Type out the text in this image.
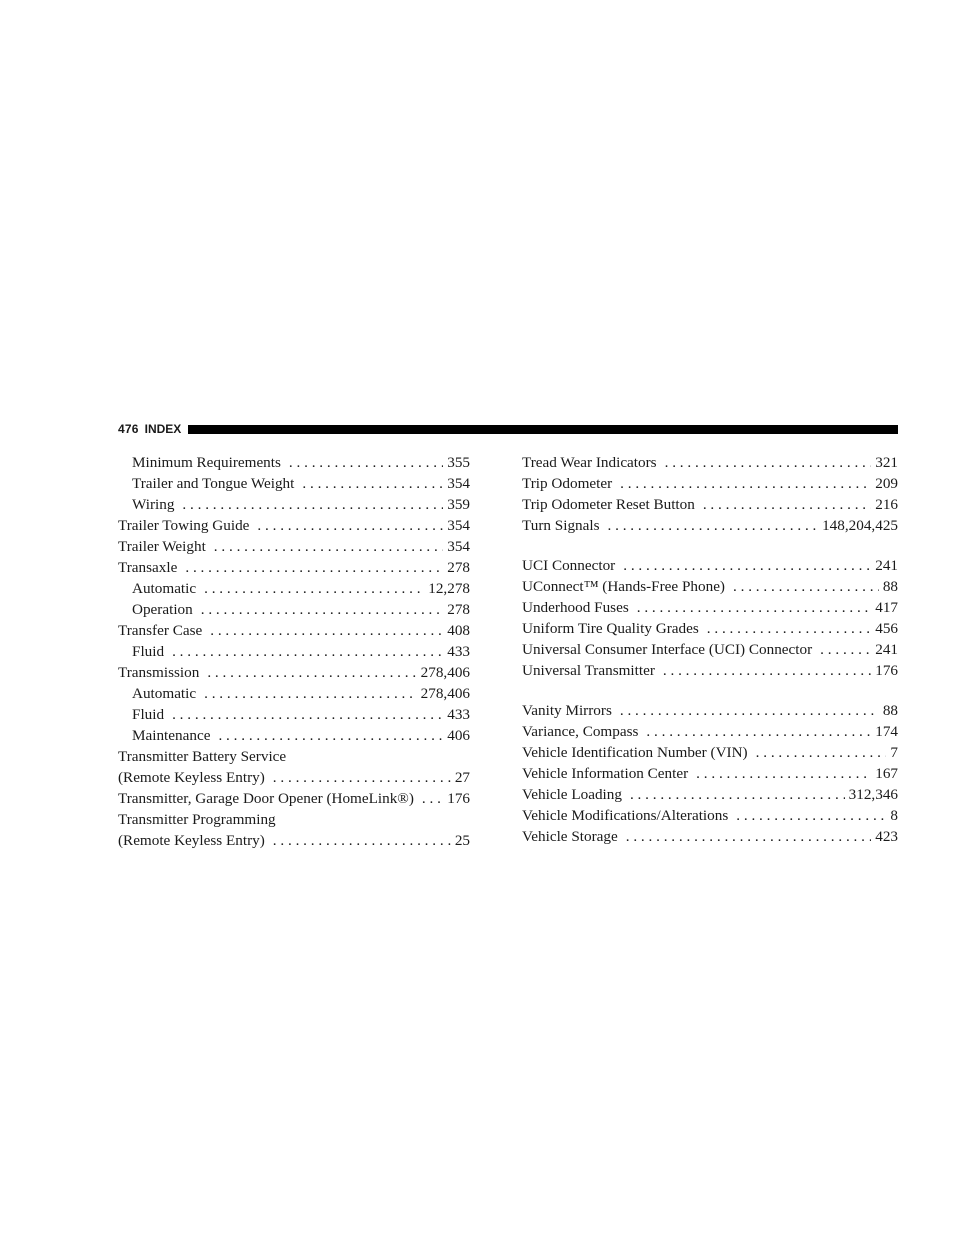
476 INDEX
Minimum Requirements . . .	355
Trailer and Tongue Weight . . .	354
Wiring . . .	359
Trailer Towing Guide . . .	354
Trailer Weight . . .	354
Transaxle . . .	278
Automatic . . .	12,278
Operation . . .	278
Transfer Case . . .	408
Fluid . . .	433
Transmission . . .	278,406
Automatic . . .	278,406
Fluid . . .	433
Maintenance . . .	406
Transmitter Battery Service
(Remote Keyless Entry) . . .	27
Transmitter, Garage Door Opener (HomeLink®) . . . 176
Transmitter Programming
(Remote Keyless Entry) . . .	25
Tread Wear Indicators . . .	321
Trip Odometer . . .	209
Trip Odometer Reset Button . . .	216
Turn Signals . . .	148,204,425
UCI Connector . . .	241
UConnect™ (Hands-Free Phone) . . .	88
Underhood Fuses . . .	417
Uniform Tire Quality Grades . . .	456
Universal Consumer Interface (UCI) Connector . . .	241
Universal Transmitter . . .	176
Vanity Mirrors . . .	88
Variance, Compass . . .	174
Vehicle Identification Number (VIN) . . .	7
Vehicle Information Center . . .	167
Vehicle Loading . . .	312,346
Vehicle Modifications/Alterations . . .	8
Vehicle Storage . . .	423
